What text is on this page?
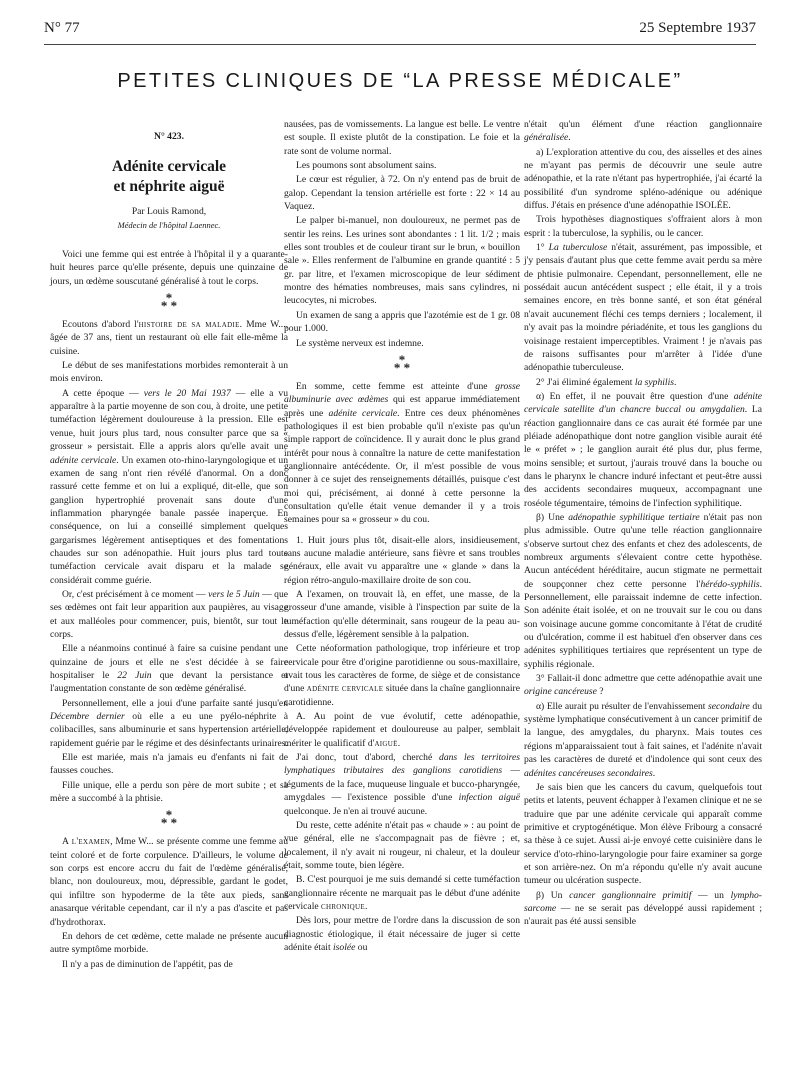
N° 77	25 Septembre 1937
PETITES CLINIQUES DE “LA PRESSE MÉDICALE”
N° 423.
Adénite cervicale
et néphrite aiguë
Par Louis Ramond,
Médecin de l'hôpital Laennec.

Voici une femme qui est entrée à l'hôpital il y a quarante-huit heures parce qu'elle présente, depuis une quinzaine de jours, un œdème souscutané généralisé à tout le corps.

*
* *

Ecoutons d'abord l'histoire de sa maladie. Mme W..., âgée de 37 ans, tient un restaurant où elle fait elle-même la cuisine.

Le début de ses manifestations morbides remonterait à un mois environ.

A cette époque — vers le 20 Mai 1937 — elle a vu apparaître à la partie moyenne de son cou, à droite, une petite tuméfaction légèrement douloureuse à la pression. Elle est venue, huit jours plus tard, nous consulter parce que sa « grosseur » persistait. Elle a appris alors qu'elle avait une adénite cervicale. Un examen oto-rhino-laryngologique et un examen de sang n'ont rien révélé d'anormal. On a donc rassuré cette femme et on lui a expliqué, dit-elle, que son ganglion hypertrophié provenait sans doute d'une inflammation pharyngée banale passée inaperçue. En conséquence, on lui a conseillé simplement quelques gargarismes légèrement antiseptiques et des fomentations chaudes sur son adénopathie. Huit jours plus tard toute tuméfaction cervicale avait disparu et la malade se considérait comme guérie.

Or, c'est précisément à ce moment — vers le 5 Juin — que ses œdèmes ont fait leur apparition aux paupières, au visage et aux malléoles pour commencer, puis, bientôt, sur tout le corps.

Elle a néanmoins continué à faire sa cuisine pendant une quinzaine de jours et elle ne s'est décidée à se faire hospitaliser le 22 Juin que devant la persistance et l'augmentation constante de son œdème généralisé.

Personnellement, elle a joui d'une parfaite santé jusqu'en Décembre dernier où elle a eu une pyélo-néphrite à colibacilles, sans albuminurie et sans hypertension artérielle, rapidement guérie par le régime et des désinfectants urinaires.

Elle est mariée, mais n'a jamais eu d'enfants ni fait de fausses couches.

Fille unique, elle a perdu son père de mort subite ; et sa mère a succombé à la phtisie.

*
* *

A l'examen, Mme W... se présente comme une femme au teint coloré et de forte corpulence. D'ailleurs, le volume de son corps est encore accru du fait de l'œdème généralisé, blanc, non douloureux, mou, dépressible, gardant le godet, qui infiltre son hypoderme de la tête aux pieds, sans anasarque véritable cependant, car il n'y a pas d'ascite et pas d'hydrothorax.

En dehors de cet œdème, cette malade ne présente aucun autre symptôme morbide.

Il n'y a pas de diminution de l'appétit, pas de

nausées, pas de vomissements. La langue est belle. Le ventre est souple. Il existe plutôt de la constipation. Le foie et la rate sont de volume normal.

Les poumons sont absolument sains.

Le cœur est régulier, à 72. On n'y entend pas de bruit de galop. Cependant la tension artérielle est forte : 22 × 14 au Vaquez.

Le palper bi-manuel, non douloureux, ne permet pas de sentir les reins. Les urines sont abondantes : 1 lit. 1/2 ; mais elles sont troubles et de couleur tirant sur le brun, « bouillon sale ». Elles renferment de l'albumine en grande quantité : 5 gr. par litre, et l'examen microscopique de leur sédiment montre des hématies nombreuses, mais sans cylindres, ni leucocytes, ni microbes.

Un examen de sang a appris que l'azotémie est de 1 gr. 08 pour 1.000.

Le système nerveux est indemne.

*
* *

En somme, cette femme est atteinte d'une grosse albuminurie avec œdèmes qui est apparue immédiatement après une adénite cervicale. Entre ces deux phénomènes pathologiques il est bien probable qu'il n'existe pas qu'un simple rapport de coïncidence. Il y aurait donc le plus grand intérêt pour nous à connaître la nature de cette manifestation ganglionnaire antécédente. Or, il m'est possible de vous donner à ce sujet des renseignements détaillés, puisque c'est moi qui, précisément, ai donné à cette personne la consultation qu'elle était venue demander il y a trois semaines pour sa « grosseur » du cou.

1. Huit jours plus tôt, disait-elle alors, insidieusement, sans aucune maladie antérieure, sans fièvre et sans troubles généraux, elle avait vu apparaître une « glande » dans la région rétro-angulo-maxillaire droite de son cou.

A l'examen, on trouvait là, en effet, une masse, de la grosseur d'une amande, visible à l'inspection par suite de la tuméfaction qu'elle déterminait, sans rougeur de la peau au-dessus d'elle, légèrement sensible à la palpation.

Cette néoformation pathologique, trop inférieure et trop cervicale pour être d'origine parotidienne ou sous-maxillaire, avait tous les caractères de forme, de siège et de consistance d'une adénite cervicale située dans la chaîne ganglionnaire carotidienne.

A. Au point de vue évolutif, cette adénopathie, développée rapidement et douloureuse au palper, semblait mériter le qualificatif d'aiguë.

J'ai donc, tout d'abord, cherché dans les territoires lymphatiques tributaires des ganglions carotidiens — téguments de la face, muqueuse linguale et bucco-pharyngée, amygdales — l'existence possible d'une infection aiguë quelconque. Je n'en ai trouvé aucune.

Du reste, cette adénite n'était pas « chaude » : au point de vue général, elle ne s'accompagnait pas de fièvre ; et, localement, il n'y avait ni rougeur, ni chaleur, et la douleur était, somme toute, bien légère.

B. C'est pourquoi je me suis demandé si cette tuméfaction ganglionnaire récente ne marquait pas le début d'une adénite cervicale chronique.

Dès lors, pour mettre de l'ordre dans la discussion de son diagnostic étiologique, il était nécessaire de juger si cette adénite était isolée ou

n'était qu'un élément d'une réaction ganglionnaire généralisée.

a) L'exploration attentive du cou, des aisselles et des aines ne m'ayant pas permis de découvrir une seule autre adénopathie, et la rate n'étant pas hypertrophiée, j'ai écarté la possibilité d'un syndrome spléno-adénique ou adénique diffus. J'étais en présence d'une adénopathie ISOLÉE.

Trois hypothèses diagnostiques s'offraient alors à mon esprit : la tuberculose, la syphilis, ou le cancer.

1° La tuberculose n'était, assurément, pas impossible, et j'y pensais d'autant plus que cette femme avait perdu sa mère de phtisie pulmonaire. Cependant, personnellement, elle ne possédait aucun antécédent suspect ; elle était, il y a trois semaines encore, en très bonne santé, et son état général n'avait aucunement fléchi ces temps derniers ; localement, il n'y avait pas la moindre périadénite, et tous les ganglions du voisinage restaient imperceptibles. Vraiment ! je n'avais pas de raisons suffisantes pour m'arrêter à l'idée d'une adénopathie tuberculeuse.

2° J'ai éliminé également la syphilis.

α) En effet, il ne pouvait être question d'une adénite cervicale satellite d'un chancre buccal ou amygdalien. La réaction ganglionnaire dans ce cas aurait été formée par une pléiade adénopathique dont notre ganglion visible aurait été le « préfet » ; le ganglion aurait été plus dur, plus ferme, moins sensible; et surtout, j'aurais trouvé dans la bouche ou dans le pharynx le chancre induré infectant et peut-être aussi des accidents secondaires muqueux, accompagnant une roséole tégumentaire, témoins de l'infection syphilitique.

β) Une adénopathie syphilitique tertiaire n'était pas non plus admissible. Outre qu'une telle réaction ganglionnaire s'observe surtout chez des enfants et chez des adolescents, de nombreux arguments s'élevaient contre cette hypothèse. Aucun antécédent héréditaire, aucun stigmate ne permettait de soupçonner chez cette personne l'hérédo-syphilis. Personnellement, elle paraissait indemne de cette infection. Son adénite était isolée, et on ne trouvait sur le cou ou dans son voisinage aucune gomme concomitante à l'état de crudité ou d'ulcération, comme il est habituel d'en observer dans ces adénites syphilitiques tertiaires que représentent un type de syphilis régionale.

3° Fallait-il donc admettre que cette adénopathie avait une origine cancéreuse ?

α) Elle aurait pu résulter de l'envahissement secondaire du système lymphatique consécutivement à un cancer primitif de la langue, des amygdales, du pharynx. Mais toutes ces régions m'apparaissaient tout à fait saines, et l'adénite n'avait pas les caractères de dureté et d'indolence qui sont ceux des adénites cancéreuses secondaires.

Je sais bien que les cancers du cavum, quelquefois tout petits et latents, peuvent échapper à l'examen clinique et ne se traduire que par une adénite cervicale qui apparaît comme primitive et cryptogénétique. Mon élève Fribourg a consacré sa thèse à ce sujet. Aussi ai-je envoyé cette cuisinière dans le service d'oto-rhino-laryngologie pour faire examiner sa gorge et son arrière-nez. On m'a répondu qu'elle n'y avait aucune tumeur ou ulcération suspecte.

β) Un cancer ganglionnaire primitif — un lympho-sarcome — ne se serait pas développé aussi rapidement ; n'aurait pas été aussi sensible
